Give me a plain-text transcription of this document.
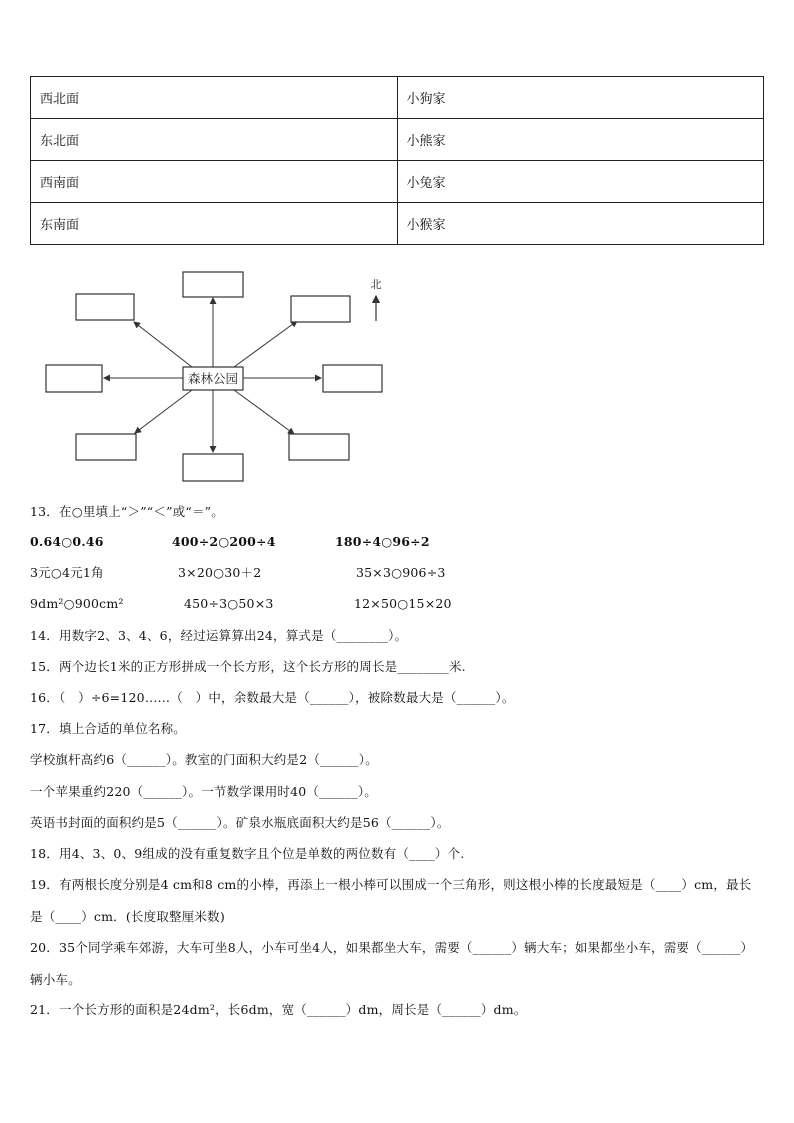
西北面	小狗家
东北面	小熊家
西南面	小兔家
东南面	小猴家
森林公园
北
13．在○里填上“＞”“＜”或“＝”。
0.64○0.46	400÷2○200÷4	180÷4○96÷2
3元○4元1角	3×20○30＋2	35×3○906÷3
9dm²○900cm²	450÷3○50×3	12×50○15×20
14．用数字2、3、4、6，经过运算算出24，算式是（________）。
15．两个边长1米的正方形拼成一个长方形，这个长方形的周长是________米.
16．（　）÷6=120……（　）中，余数最大是（______），被除数最大是（______）。
17．填上合适的单位名称。
学校旗杆高约6（______）。教室的门面积大约是2（______）。
一个苹果重约220（______）。一节数学课用时40（______）。
英语书封面的面积约是5（______）。矿泉水瓶底面积大约是56（______）。
18．用4、3、0、9组成的没有重复数字且个位是单数的两位数有（____）个.
19．有两根长度分别是4 cm和8 cm的小棒，再添上一根小棒可以围成一个三角形，则这根小棒的长度最短是（____）cm，最长是（____）cm．(长度取整厘米数)
20．35个同学乘车郊游，大车可坐8人，小车可坐4人，如果都坐大车，需要（______）辆大车；如果都坐小车，需要（______）辆小车。
21．一个长方形的面积是24dm²，长6dm，宽（______）dm，周长是（______）dm。
